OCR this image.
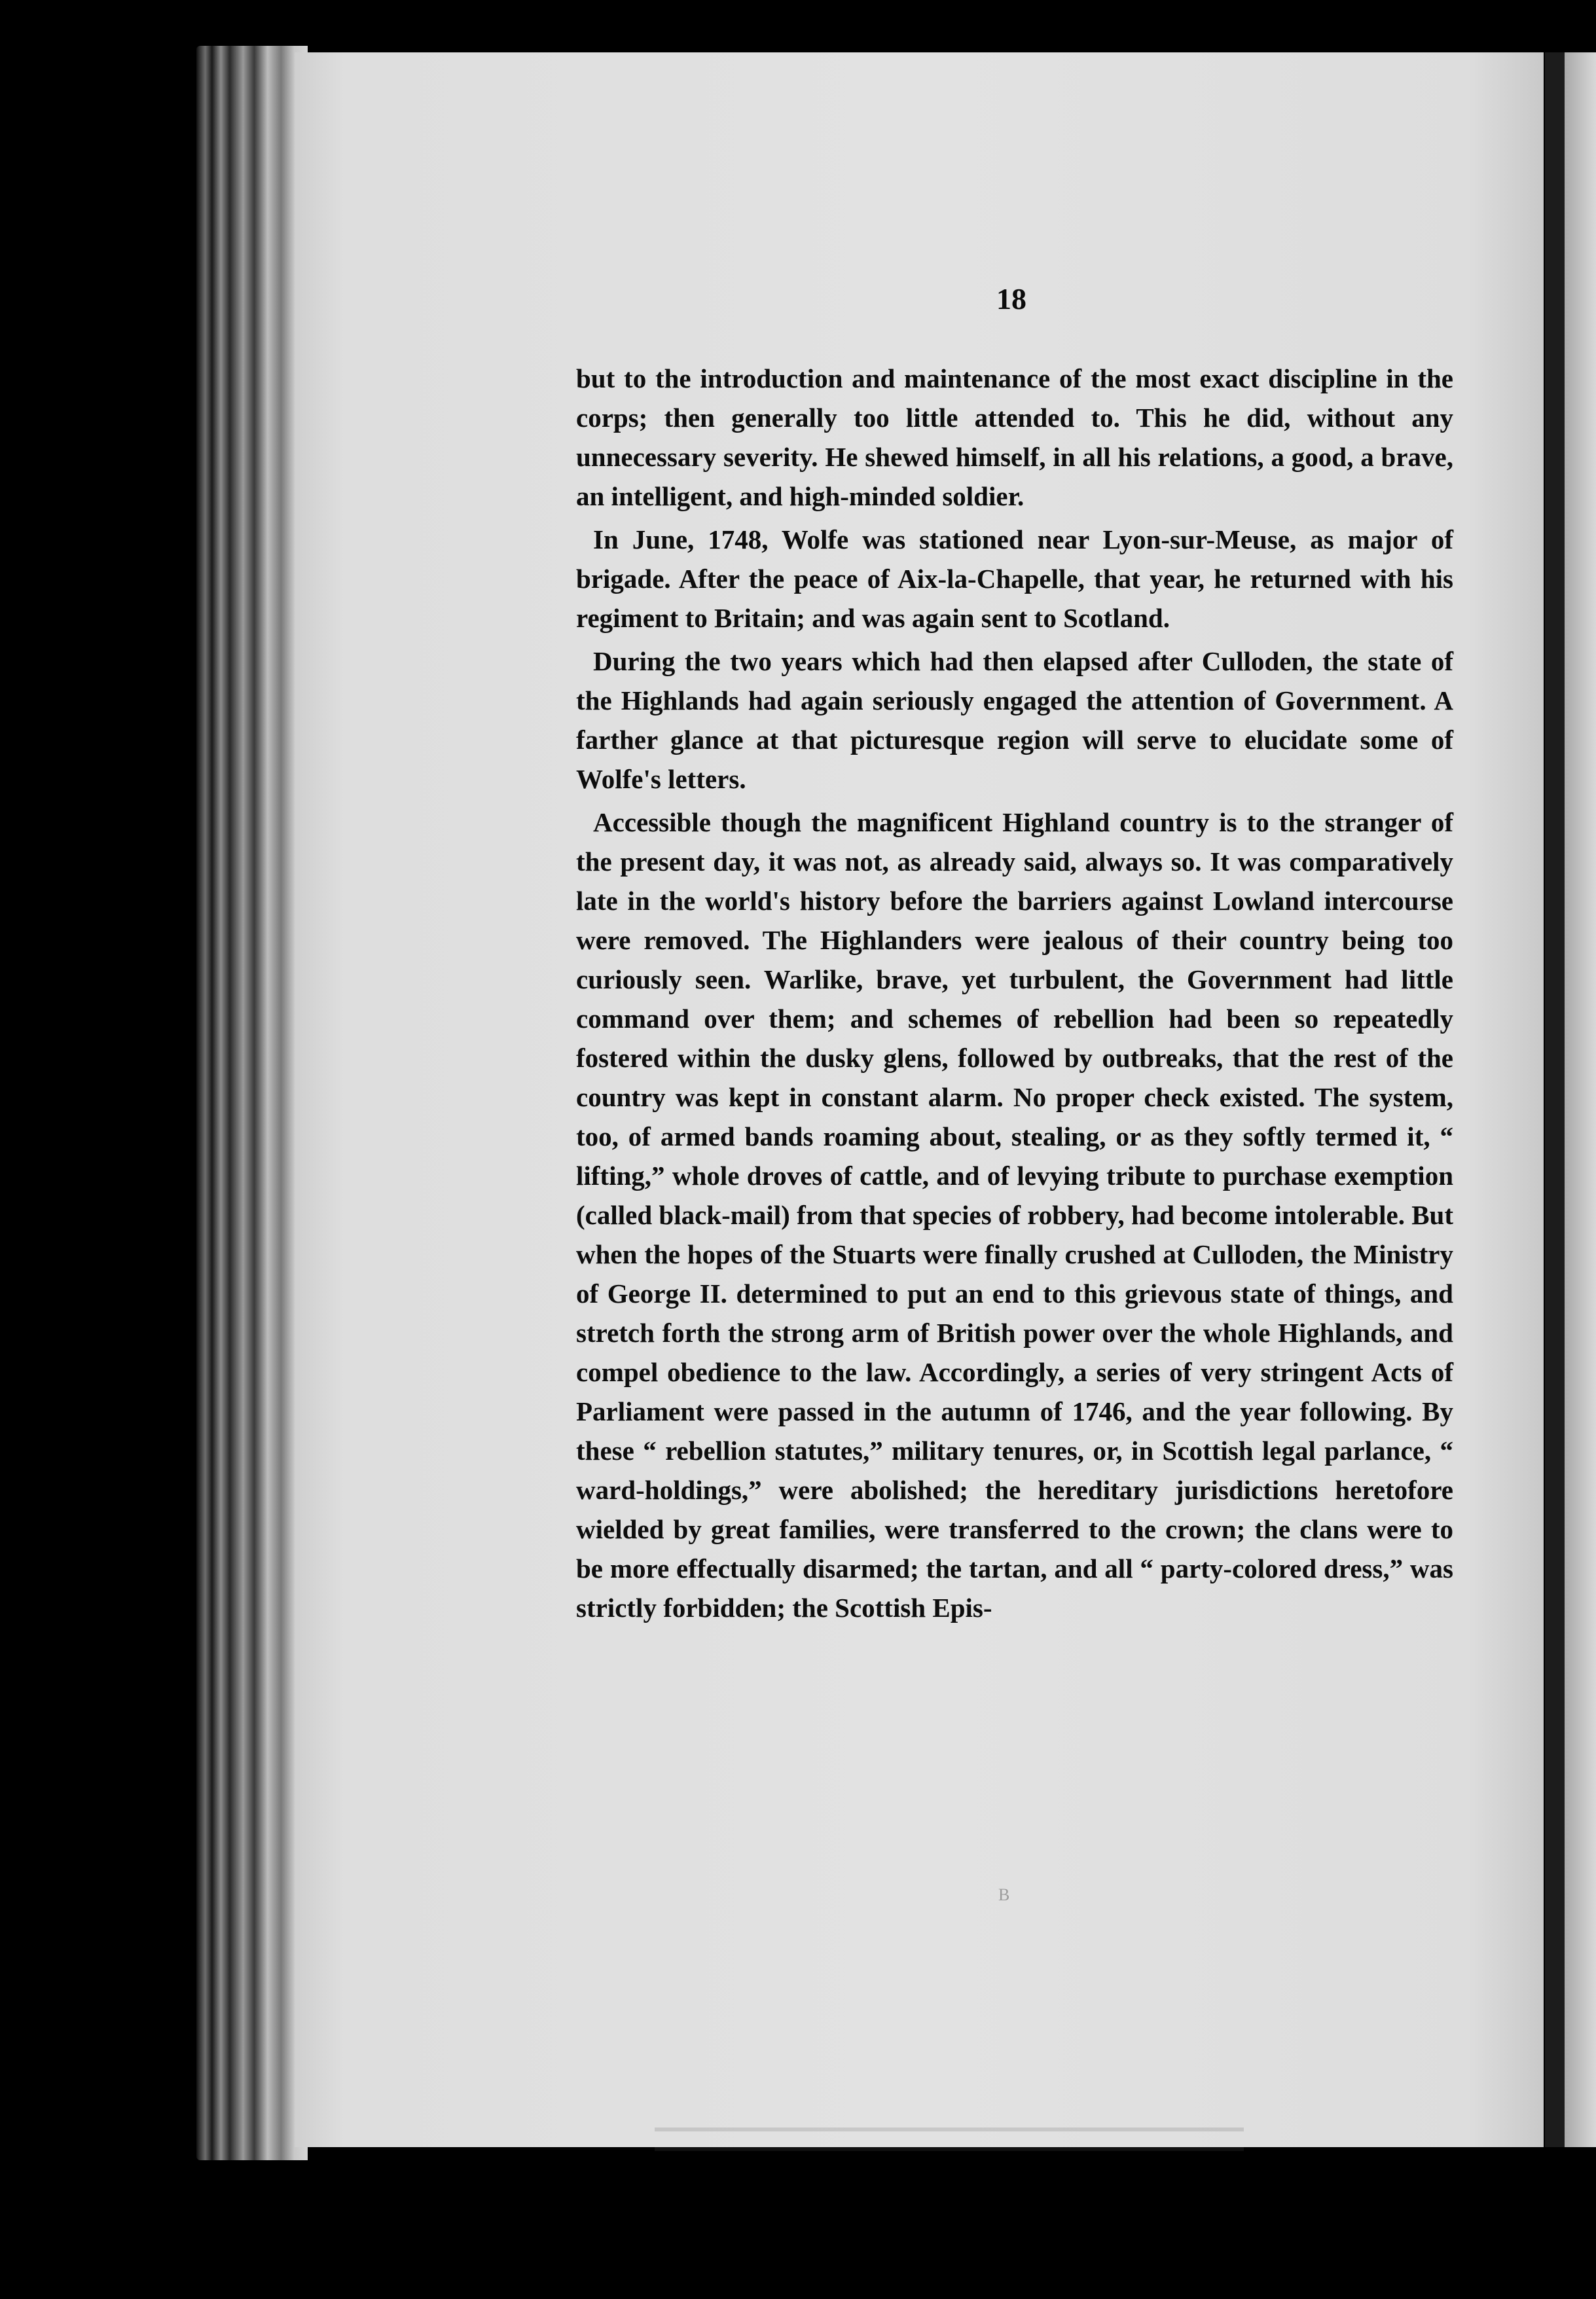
18

but to the introduction and maintenance of the most exact discipline in the corps; then generally too little attended to. This he did, without any unnecessary severity. He shewed himself, in all his relations, a good, a brave, an intelligent, and high-minded soldier.

In June, 1748, Wolfe was stationed near Lyon-sur-Meuse, as major of brigade. After the peace of Aix-la-Chapelle, that year, he returned with his regiment to Britain; and was again sent to Scotland.

During the two years which had then elapsed after Culloden, the state of the Highlands had again seriously engaged the attention of Government. A farther glance at that picturesque region will serve to elucidate some of Wolfe's letters.

Accessible though the magnificent Highland country is to the stranger of the present day, it was not, as already said, always so. It was comparatively late in the world's history before the barriers against Lowland intercourse were removed. The Highlanders were jealous of their country being too curiously seen. Warlike, brave, yet turbulent, the Government had little command over them; and schemes of rebellion had been so repeatedly fostered within the dusky glens, followed by outbreaks, that the rest of the country was kept in constant alarm. No proper check existed. The system, too, of armed bands roaming about, stealing, or as they softly termed it, “ lifting,” whole droves of cattle, and of levying tribute to purchase exemption (called black-mail) from that species of robbery, had become intolerable. But when the hopes of the Stuarts were finally crushed at Culloden, the Ministry of George II. determined to put an end to this grievous state of things, and stretch forth the strong arm of British power over the whole Highlands, and compel obedience to the law. Accordingly, a series of very stringent Acts of Parliament were passed in the autumn of 1746, and the year following. By these “ rebellion statutes,” military tenures, or, in Scottish legal parlance, “ ward-holdings,” were abolished; the hereditary jurisdictions heretofore wielded by great families, were transferred to the crown; the clans were to be more effectually disarmed; the tartan, and all “ party-colored dress,” was strictly forbidden; the Scottish Epis-

B
